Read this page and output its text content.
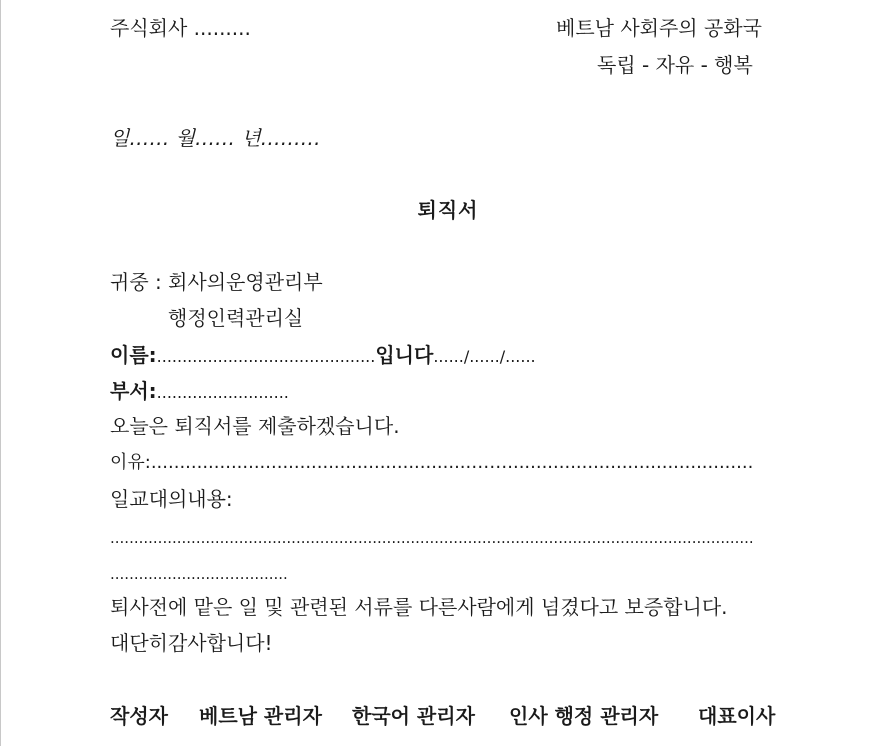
주식회사 .........	베트남 사회주의 공화국
독립 - 자유 - 행복
일…… 월…… 년………
퇴직서
귀중 : 회사의운영관리부
행정인력관리실
이름:...........................................입니다....../....../......
부서:..........................
오늘은 퇴직서를 제출하겠습니다.
이유:........................................................……...........................................
일교대의내용:
.......................................................................................................................................
.......................……........
퇴사전에 맡은 일 및 관련된 서류를 다른사람에게 넘겼다고 보증합니다.
대단히감사합니다!
작성자 베트남 관리자 한국어 관리자 인사 행정 관리자 대표이사
